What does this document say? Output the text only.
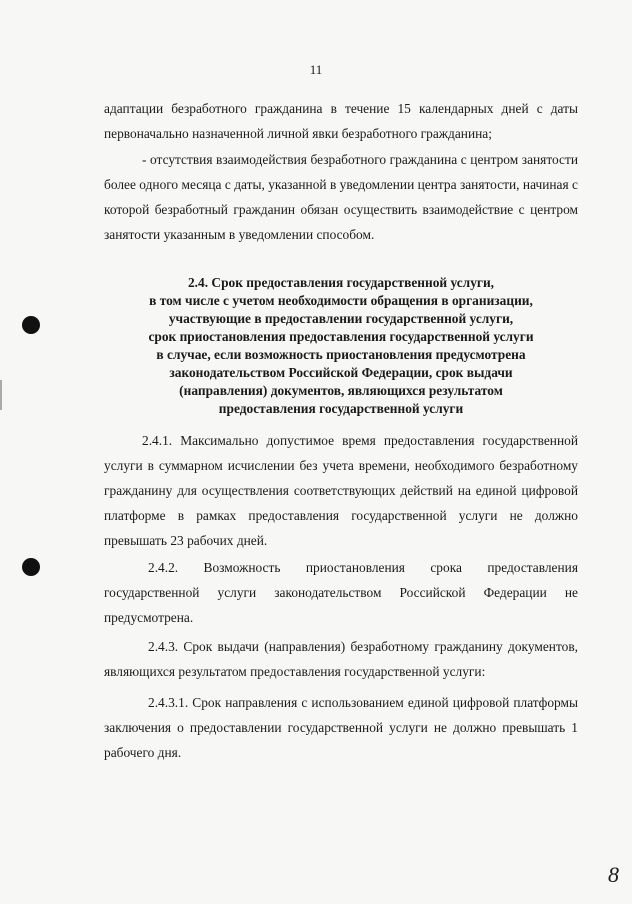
11

адаптации безработного гражданина в течение 15 календарных дней с даты первоначально назначенной личной явки безработного гражданина;

- отсутствия взаимодействия безработного гражданина с центром занятости более одного месяца с даты, указанной в уведомлении центра занятости, начиная с которой безработный гражданин обязан осуществить взаимодействие с центром занятости указанным в уведомлении способом.

2.4. Срок предоставления государственной услуги,
в том числе с учетом необходимости обращения в организации,
участвующие в предоставлении государственной услуги,
срок приостановления предоставления государственной услуги
в случае, если возможность приостановления предусмотрена
законодательством Российской Федерации, срок выдачи
(направления) документов, являющихся результатом
предоставления государственной услуги

2.4.1. Максимально допустимое время предоставления государственной услуги в суммарном исчислении без учета времени, необходимого безработному гражданину для осуществления соответствующих действий на единой цифровой платформе в рамках предоставления государственной услуги не должно превышать 23 рабочих дней.

2.4.2. Возможность приостановления срока предоставления государственной услуги законодательством Российской Федерации не предусмотрена.

2.4.3. Срок выдачи (направления) безработному гражданину документов, являющихся результатом предоставления государственной услуги:

2.4.3.1. Срок направления с использованием единой цифровой платформы заключения о предоставлении государственной услуги не должно превышать 1 рабочего дня.

8
